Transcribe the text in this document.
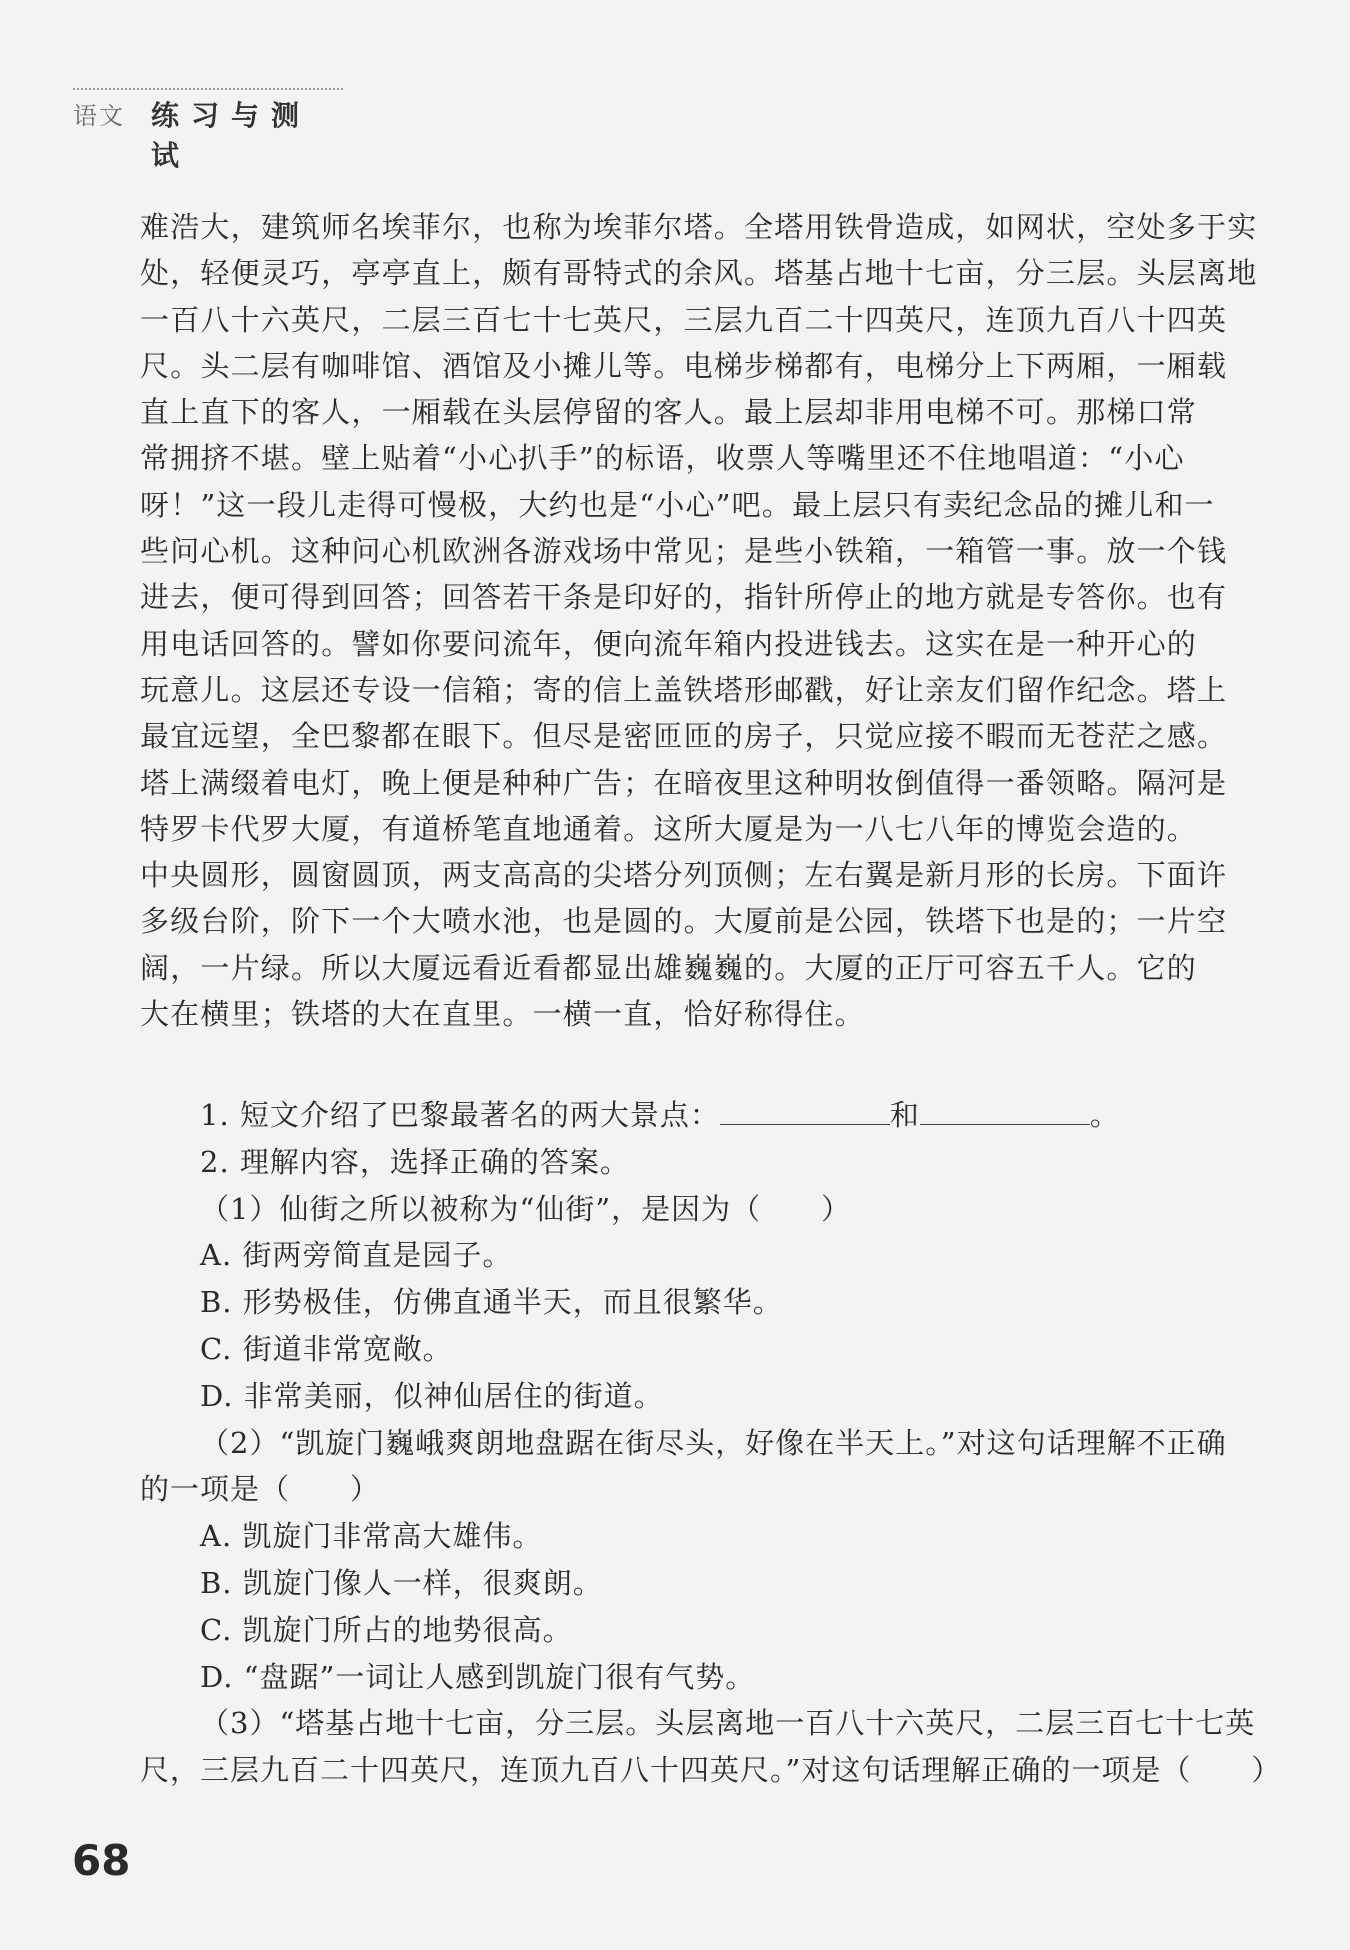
语文 练习与测试
难浩大，建筑师名埃菲尔，也称为埃菲尔塔。全塔用铁骨造成，如网状，空处多于实
处，轻便灵巧，亭亭直上，颇有哥特式的余风。塔基占地十七亩，分三层。头层离地
一百八十六英尺，二层三百七十七英尺，三层九百二十四英尺，连顶九百八十四英
尺。头二层有咖啡馆、酒馆及小摊儿等。电梯步梯都有，电梯分上下两厢，一厢载
直上直下的客人，一厢载在头层停留的客人。最上层却非用电梯不可。那梯口常
常拥挤不堪。壁上贴着“小心扒手”的标语，收票人等嘴里还不住地唱道：“小心
呀！”这一段儿走得可慢极，大约也是“小心”吧。最上层只有卖纪念品的摊儿和一
些问心机。这种问心机欧洲各游戏场中常见；是些小铁箱，一箱管一事。放一个钱
进去，便可得到回答；回答若干条是印好的，指针所停止的地方就是专答你。也有
用电话回答的。譬如你要问流年，便向流年箱内投进钱去。这实在是一种开心的
玩意儿。这层还专设一信箱；寄的信上盖铁塔形邮戳，好让亲友们留作纪念。塔上
最宜远望，全巴黎都在眼下。但尽是密匝匝的房子，只觉应接不暇而无苍茫之感。
塔上满缀着电灯，晚上便是种种广告；在暗夜里这种明妆倒值得一番领略。隔河是
特罗卡代罗大厦，有道桥笔直地通着。这所大厦是为一八七八年的博览会造的。
中央圆形，圆窗圆顶，两支高高的尖塔分列顶侧；左右翼是新月形的长房。下面许
多级台阶，阶下一个大喷水池，也是圆的。大厦前是公园，铁塔下也是的；一片空
阔，一片绿。所以大厦远看近看都显出雄巍巍的。大厦的正厅可容五千人。它的
大在横里；铁塔的大在直里。一横一直，恰好称得住。
1. 短文介绍了巴黎最著名的两大景点：	和	。
2. 理解内容，选择正确的答案。
（1）仙街之所以被称为“仙街”，是因为（　　）
A. 街两旁简直是园子。
B. 形势极佳，仿佛直通半天，而且很繁华。
C. 街道非常宽敞。
D. 非常美丽，似神仙居住的街道。
（2）“凯旋门巍峨爽朗地盘踞在街尽头，好像在半天上。”对这句话理解不正确
的一项是（　　）
A. 凯旋门非常高大雄伟。
B. 凯旋门像人一样，很爽朗。
C. 凯旋门所占的地势很高。
D. “盘踞”一词让人感到凯旋门很有气势。
（3）“塔基占地十七亩，分三层。头层离地一百八十六英尺，二层三百七十七英
尺，三层九百二十四英尺，连顶九百八十四英尺。”对这句话理解正确的一项是（　　）
68
